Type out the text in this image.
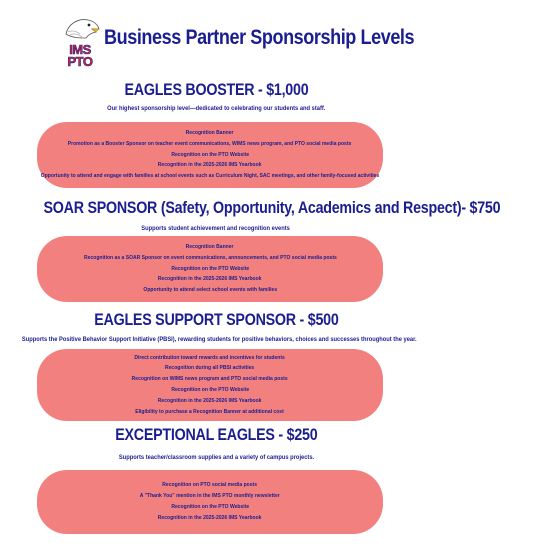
IMS
PTO
Business Partner Sponsorship Levels
EAGLES BOOSTER - $1,000

Our highest sponsorship level—dedicated to celebrating our students and staff.

Recognition Banner
Promotion as a Booster Sponsor on teacher event communications, WIMS news program, and PTO social media posts
Recognition on the PTO Website
Recognition in the 2025-2026 IMS Yearbook
Opportunity to attend and engage with families at school events such as Curriculum Night, SAC meetings, and other family-focused activities
SOAR SPONSOR (Safety, Opportunity, Academics and Respect)- $750

Supports student achievement and recognition events

Recognition Banner
Recognition as a SOAR Sponsor on event communications, announcements, and PTO social media posts
Recognition on the PTO Website
Recognition in the 2025-2026 IMS Yearbook
Opportunity to attend select school events with families
EAGLES SUPPORT SPONSOR - $500

Supports the Positive Behavior Support Initiative (PBSI), rewarding students for positive behaviors, choices and successes throughout the year.

Direct contribution toward rewards and incentives for students
Recognition during all PBSI activities
Recognition on WIMS news program and PTO social media posts
Recognition on the PTO Website
Recognition in the 2025-2026 IMS Yearbook
Eligibility to purchase a Recognition Banner at additional cost
EXCEPTIONAL EAGLES - $250

Supports teacher/classroom supplies and a variety of campus projects.

Recognition on PTO social media posts
A "Thank You" mention in the IMS PTO monthly newsletter
Recognition on the PTO Website
Recognition in the 2025-2026 IMS Yearbook
